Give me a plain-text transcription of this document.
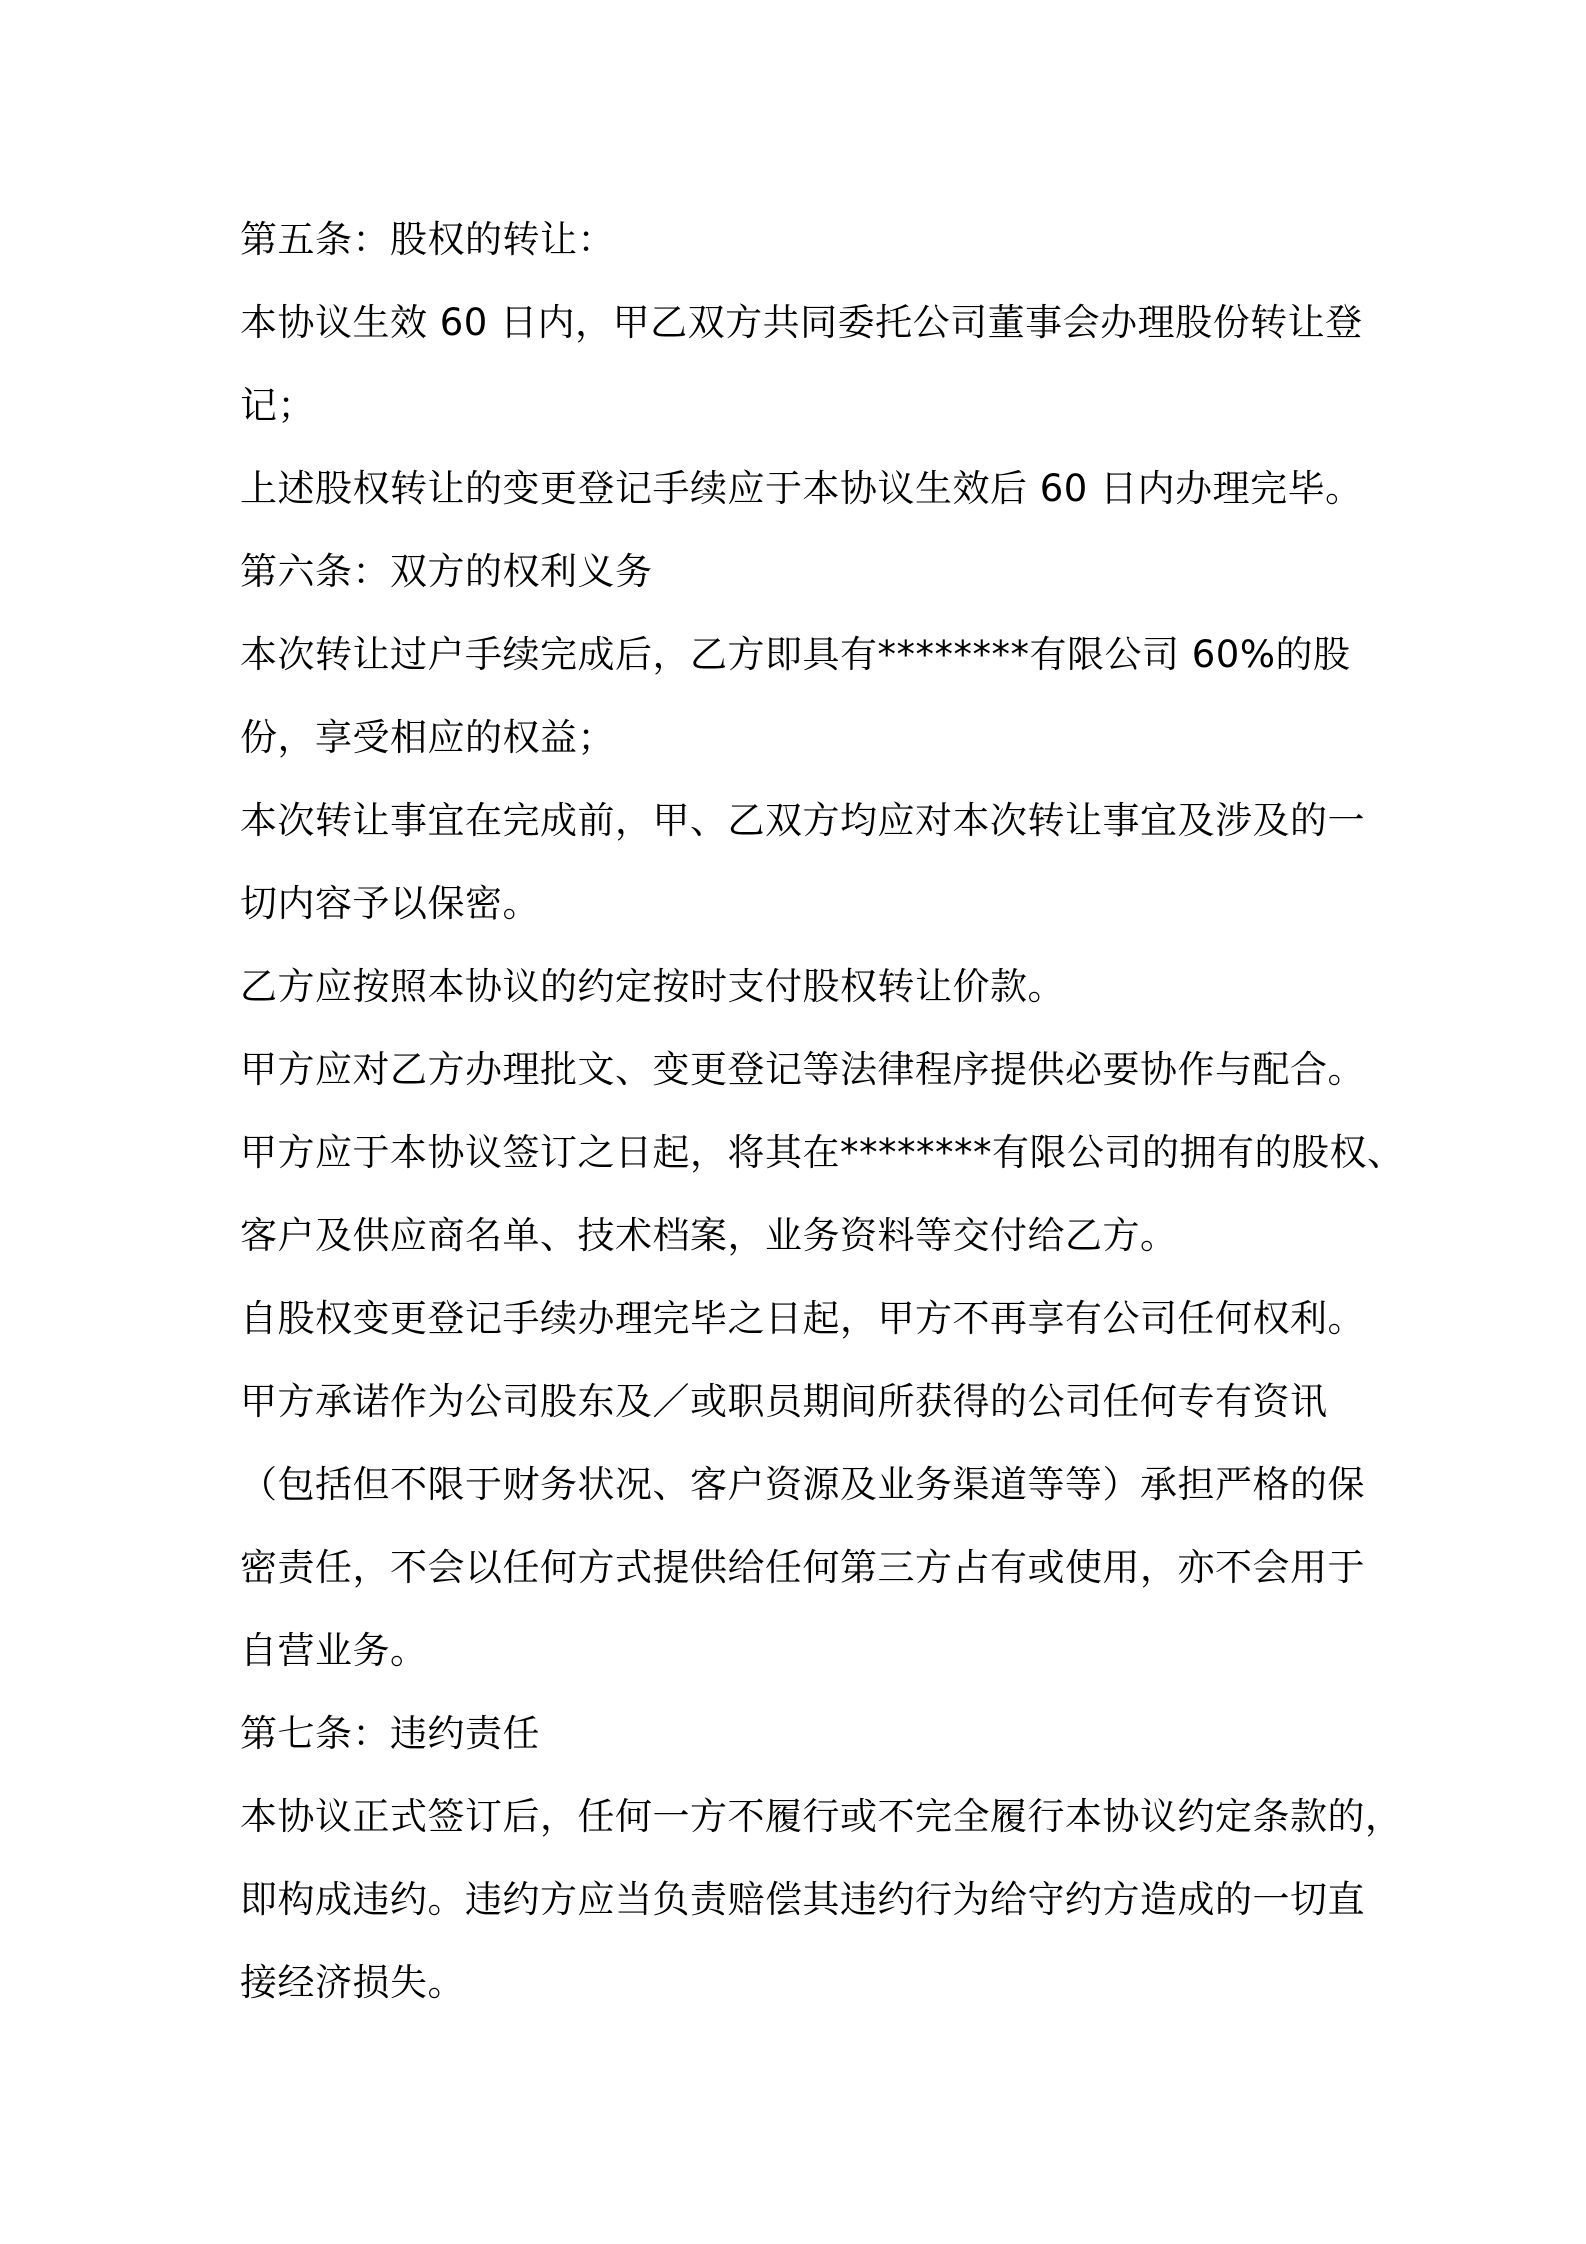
第五条：股权的转让：
本协议生效 60 日内，甲乙双方共同委托公司董事会办理股份转让登
记；
上述股权转让的变更登记手续应于本协议生效后 60 日内办理完毕。
第六条：双方的权利义务
本次转让过户手续完成后，乙方即具有********有限公司 60%的股
份，享受相应的权益；
本次转让事宜在完成前，甲、乙双方均应对本次转让事宜及涉及的一
切内容予以保密。
乙方应按照本协议的约定按时支付股权转让价款。
甲方应对乙方办理批文、变更登记等法律程序提供必要协作与配合。
甲方应于本协议签订之日起，将其在********有限公司的拥有的股权、
客户及供应商名单、技术档案，业务资料等交付给乙方。
自股权变更登记手续办理完毕之日起，甲方不再享有公司任何权利。
甲方承诺作为公司股东及／或职员期间所获得的公司任何专有资讯
（包括但不限于财务状况、客户资源及业务渠道等等）承担严格的保
密责任，不会以任何方式提供给任何第三方占有或使用，亦不会用于
自营业务。
第七条：违约责任
本协议正式签订后，任何一方不履行或不完全履行本协议约定条款的，
即构成违约。违约方应当负责赔偿其违约行为给守约方造成的一切直
接经济损失。
